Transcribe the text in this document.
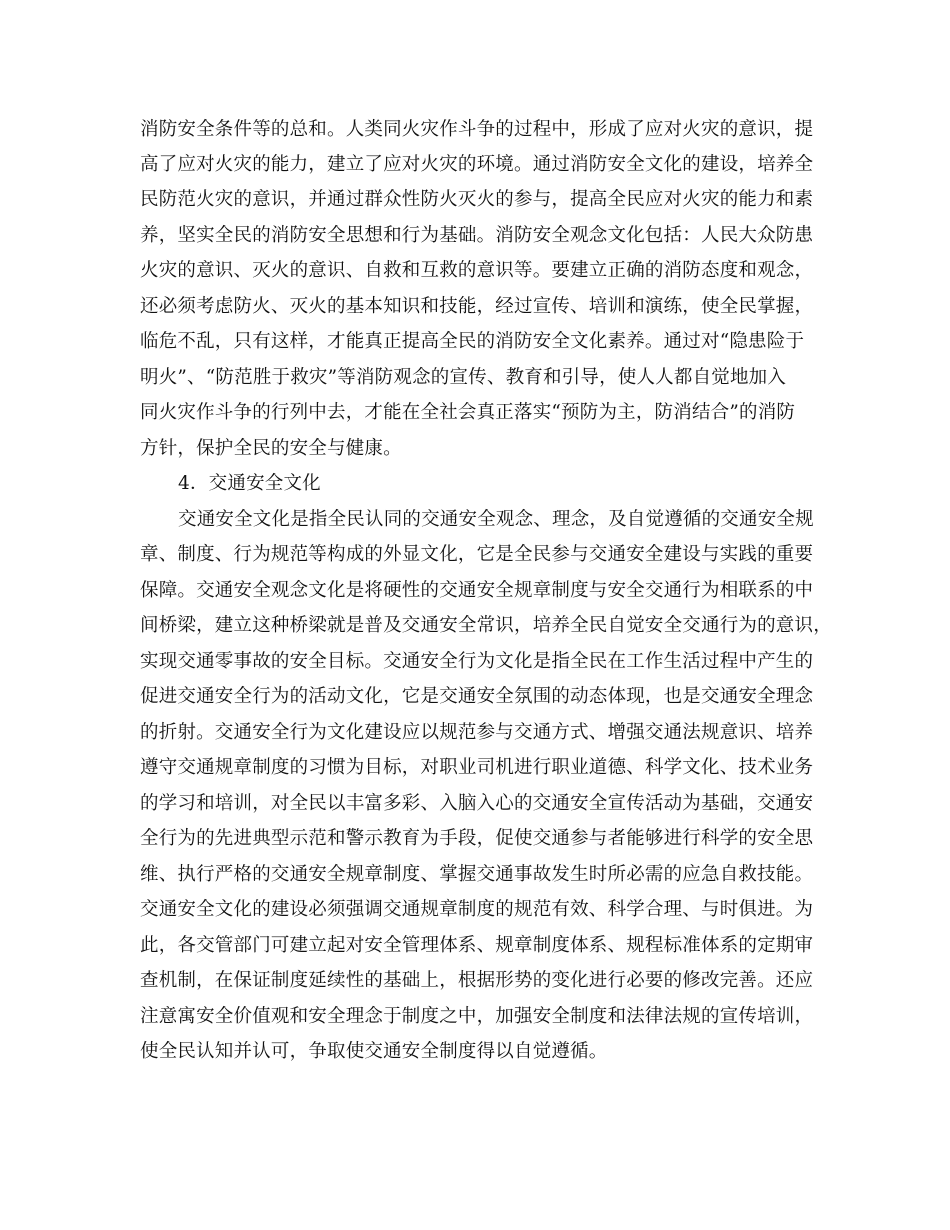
消防安全条件等的总和。人类同火灾作斗争的过程中，形成了应对火灾的意识，提
高了应对火灾的能力，建立了应对火灾的环境。通过消防安全文化的建设，培养全
民防范火灾的意识，并通过群众性防火灭火的参与，提高全民应对火灾的能力和素
养，坚实全民的消防安全思想和行为基础。消防安全观念文化包括：人民大众防患
火灾的意识、灭火的意识、自救和互救的意识等。要建立正确的消防态度和观念，
还必须考虑防火、灭火的基本知识和技能，经过宣传、培训和演练，使全民掌握，
临危不乱，只有这样，才能真正提高全民的消防安全文化素养。通过对“隐患险于
明火”、“防范胜于救灾”等消防观念的宣传、教育和引导，使人人都自觉地加入
同火灾作斗争的行列中去，才能在全社会真正落实“预防为主，防消结合”的消防
方针，保护全民的安全与健康。
4．交通安全文化
交通安全文化是指全民认同的交通安全观念、理念，及自觉遵循的交通安全规
章、制度、行为规范等构成的外显文化，它是全民参与交通安全建设与实践的重要
保障。交通安全观念文化是将硬性的交通安全规章制度与安全交通行为相联系的中
间桥梁，建立这种桥梁就是普及交通安全常识，培养全民自觉安全交通行为的意识，
实现交通零事故的安全目标。交通安全行为文化是指全民在工作生活过程中产生的
促进交通安全行为的活动文化，它是交通安全氛围的动态体现，也是交通安全理念
的折射。交通安全行为文化建设应以规范参与交通方式、增强交通法规意识、培养
遵守交通规章制度的习惯为目标，对职业司机进行职业道德、科学文化、技术业务
的学习和培训，对全民以丰富多彩、入脑入心的交通安全宣传活动为基础，交通安
全行为的先进典型示范和警示教育为手段，促使交通参与者能够进行科学的安全思
维、执行严格的交通安全规章制度、掌握交通事故发生时所必需的应急自救技能。
交通安全文化的建设必须强调交通规章制度的规范有效、科学合理、与时俱进。为
此，各交管部门可建立起对安全管理体系、规章制度体系、规程标准体系的定期审
查机制，在保证制度延续性的基础上，根据形势的变化进行必要的修改完善。还应
注意寓安全价值观和安全理念于制度之中，加强安全制度和法律法规的宣传培训，
使全民认知并认可，争取使交通安全制度得以自觉遵循。
